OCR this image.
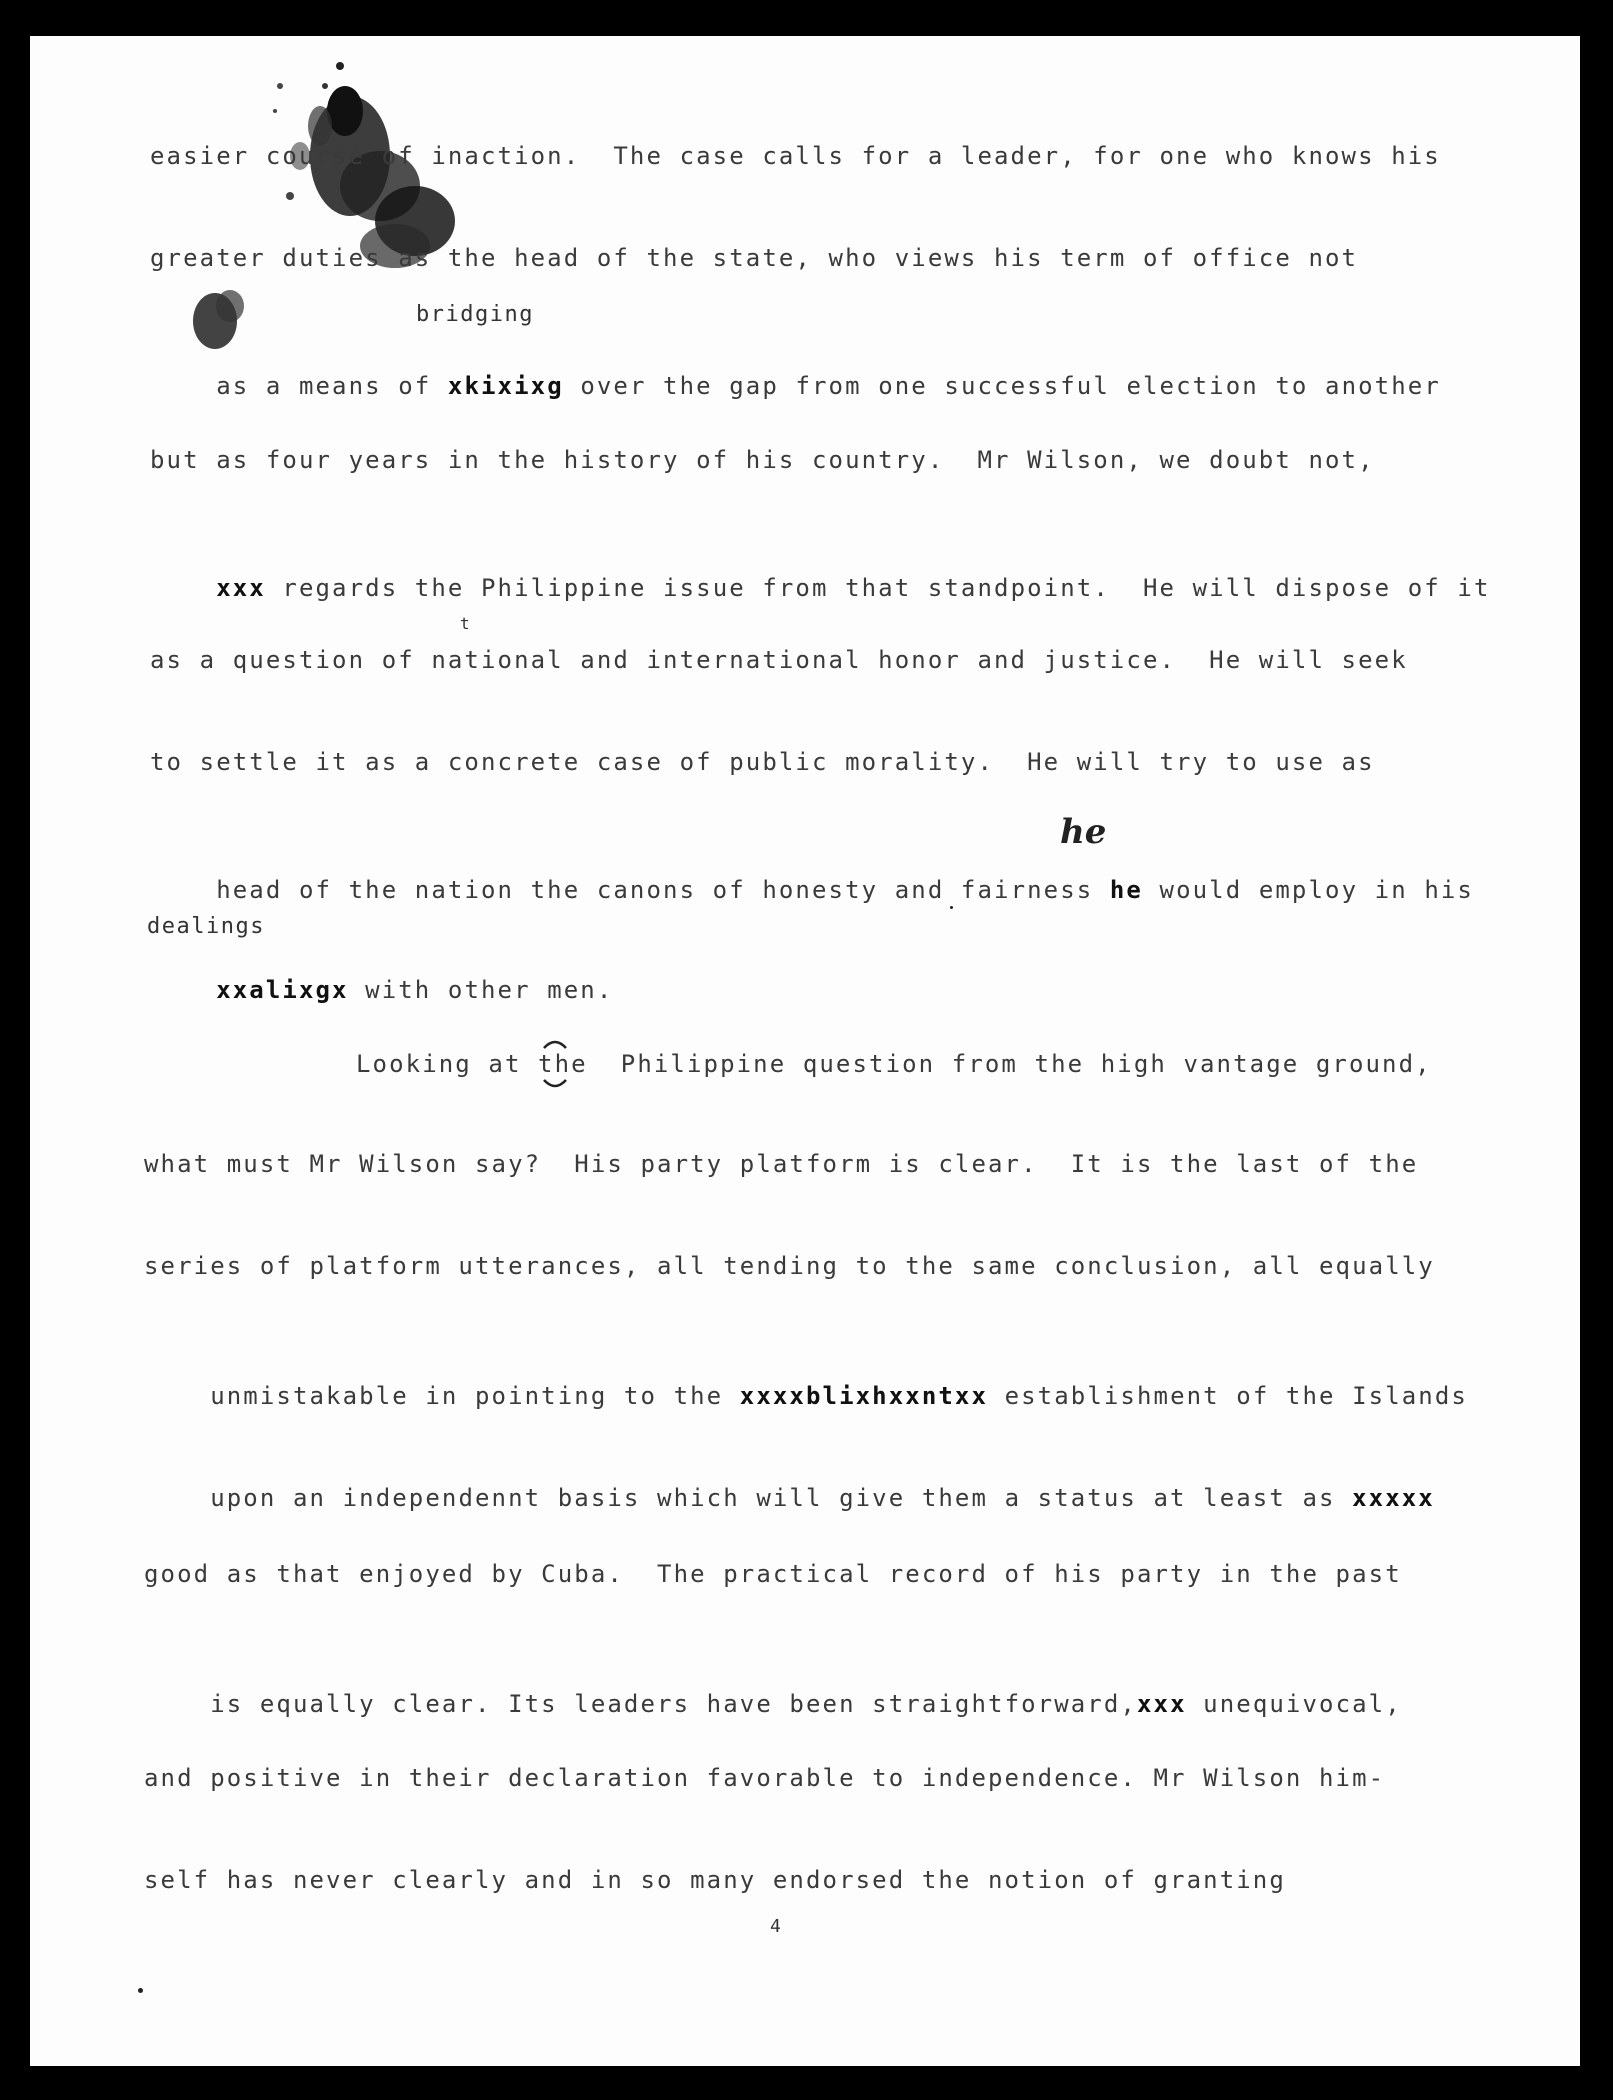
easier course of inaction.  The case calls for a leader, for one who knows his
greater duties as the head of the state, who views his term of office not
bridging

as a means of xkixixg over the gap from one successful election to another

but as four years in the history of his country.  Mr Wilson, we doubt not,

xxx regards the Philippine issue from that standpoint.  He will dispose of it

t
as a question of national and international honor and justice.  He will seek
to settle it as a concrete case of public morality.  He will try to use as
he

head of the nation the canons of honesty and fairness he would employ in his

dealings

xxalixgx with other men.

Looking at the  Philippine question from the high vantage ground,
what must Mr Wilson say?  His party platform is clear.  It is the last of the
series of platform utterances, all tending to the same conclusion, all equally

unmistakable in pointing to the xxxxblixhxxntxx establishment of the Islands

upon an independennt basis which will give them a status at least as xxxxx

good as that enjoyed by Cuba.  The practical record of his party in the past

is equally clear. Its leaders have been straightforward,xxx unequivocal,

and positive in their declaration favorable to independence. Mr Wilson him-
self has never clearly and in so many endorsed the notion of granting
4
